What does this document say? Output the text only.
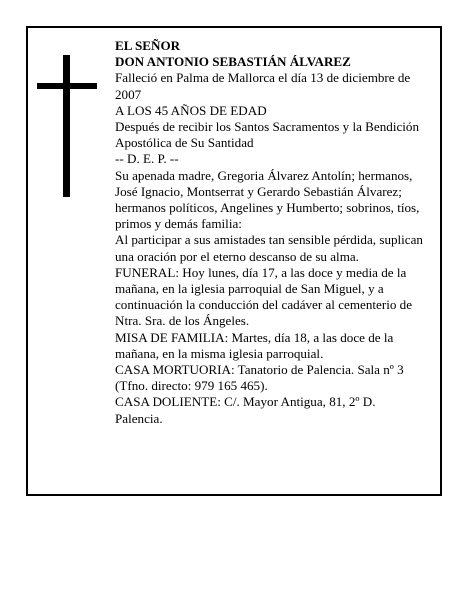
EL SEÑOR

DON ANTONIO SEBASTIÁN ÁLVAREZ

Falleció en Palma de Mallorca el día 13 de diciembre de 2007

A LOS 45 AÑOS DE EDAD

Después de recibir los Santos Sacramentos y la Bendición Apostólica de Su Santidad

-- D. E. P. --

Su apenada madre, Gregoria Álvarez Antolín; hermanos, José Ignacio, Montserrat y Gerardo Sebastián Álvarez; hermanos políticos, Angelines y Humberto; sobrinos, tíos, primos y demás familia:

Al participar a sus amistades tan sensible pérdida, suplican una oración por el eterno descanso de su alma.

FUNERAL: Hoy lunes, día 17, a las doce y media de la mañana, en la iglesia parroquial de San Miguel, y a continuación la conducción del cadáver al cementerio de Ntra. Sra. de los Ángeles.

MISA DE FAMILIA: Martes, día 18, a las doce de la mañana, en la misma iglesia parroquial.

CASA MORTUORIA: Tanatorio de Palencia. Sala nº 3 (Tfno. directo: 979 165 465).

CASA DOLIENTE: C/. Mayor Antigua, 81, 2º D. Palencia.
